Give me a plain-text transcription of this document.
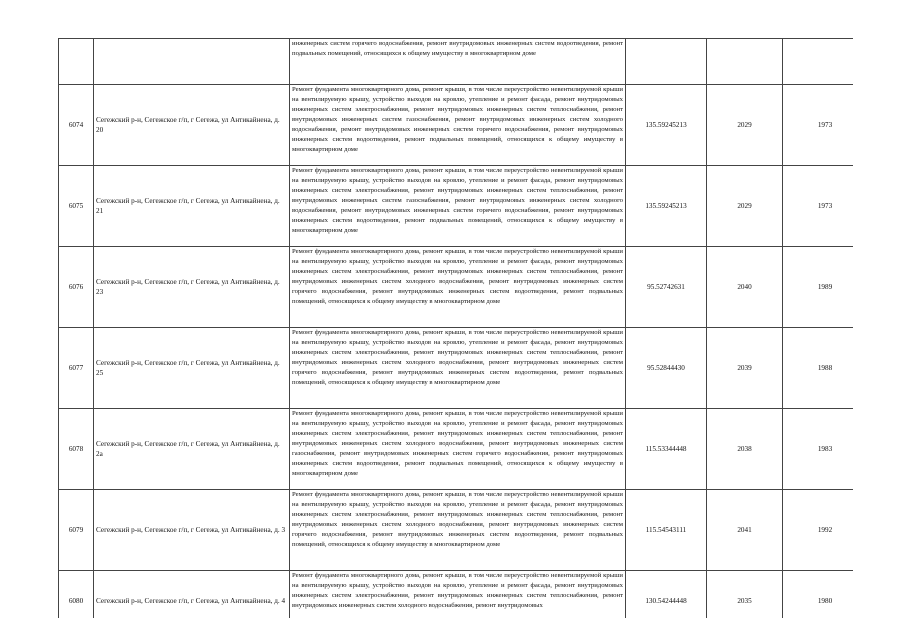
		инженерных систем горячего водоснабжения, ремонт внутридомовых инженерных систем водоотведения, ремонт подвальных помещений, относящихся к общему имуществу в многоквартирном доме			

6074	Сегежский р-н, Сегежское г/п, г Сегежа, ул Антикайнена, д. 20	Ремонт фундамента многоквартирного дома, ремонт крыши, в том числе переустройство невентилируемой крыши на вентилируемую крышу, устройство выходов на кровлю, утепление и ремонт фасада, ремонт внутридомовых инженерных систем электроснабжения, ремонт внутридомовых инженерных систем теплоснабжения, ремонт внутридомовых инженерных систем газоснабжения, ремонт внутридомовых инженерных систем холодного водоснабжения, ремонт внутридомовых инженерных систем горячего водоснабжения, ремонт внутридомовых инженерных систем водоотведения, ремонт подвальных помещений, относящихся к общему имуществу в многоквартирном доме	135.59245213	2029	1973
6075	Сегежский р-н, Сегежское г/п, г Сегежа, ул Антикайнена, д. 21	Ремонт фундамента многоквартирного дома, ремонт крыши, в том числе переустройство невентилируемой крыши на вентилируемую крышу, устройство выходов на кровлю, утепление и ремонт фасада, ремонт внутридомовых инженерных систем электроснабжения, ремонт внутридомовых инженерных систем теплоснабжения, ремонт внутридомовых инженерных систем газоснабжения, ремонт внутридомовых инженерных систем холодного водоснабжения, ремонт внутридомовых инженерных систем горячего водоснабжения, ремонт внутридомовых инженерных систем водоотведения, ремонт подвальных помещений, относящихся к общему имуществу в многоквартирном доме	135.59245213	2029	1973
6076	Сегежский р-н, Сегежское г/п, г Сегежа, ул Антикайнена, д. 23	Ремонт фундамента многоквартирного дома, ремонт крыши, в том числе переустройство невентилируемой крыши на вентилируемую крышу, устройство выходов на кровлю, утепление и ремонт фасада, ремонт внутридомовых инженерных систем электроснабжения, ремонт внутридомовых инженерных систем теплоснабжения, ремонт внутридомовых инженерных систем холодного водоснабжения, ремонт внутридомовых инженерных систем горячего водоснабжения, ремонт внутридомовых инженерных систем водоотведения, ремонт подвальных помещений, относящихся к общему имуществу в многоквартирном доме	95.52742631	2040	1989
6077	Сегежский р-н, Сегежское г/п, г Сегежа, ул Антикайнена, д. 25	Ремонт фундамента многоквартирного дома, ремонт крыши, в том числе переустройство невентилируемой крыши на вентилируемую крышу, устройство выходов на кровлю, утепление и ремонт фасада, ремонт внутридомовых инженерных систем электроснабжения, ремонт внутридомовых инженерных систем теплоснабжения, ремонт внутридомовых инженерных систем холодного водоснабжения, ремонт внутридомовых инженерных систем горячего водоснабжения, ремонт внутридомовых инженерных систем водоотведения, ремонт подвальных помещений, относящихся к общему имуществу в многоквартирном доме	95.52844430	2039	1988
6078	Сегежский р-н, Сегежское г/п, г Сегежа, ул Антикайнена, д. 2а	Ремонт фундамента многоквартирного дома, ремонт крыши, в том числе переустройство невентилируемой крыши на вентилируемую крышу, устройство выходов на кровлю, утепление и ремонт фасада, ремонт внутридомовых инженерных систем электроснабжения, ремонт внутридомовых инженерных систем теплоснабжения, ремонт внутридомовых инженерных систем холодного водоснабжения, ремонт внутридомовых инженерных систем газоснабжения, ремонт внутридомовых инженерных систем горячего водоснабжения, ремонт внутридомовых инженерных систем водоотведения, ремонт подвальных помещений, относящихся к общему имуществу в многоквартирном доме	115.53344448	2038	1983
6079	Сегежский р-н, Сегежское г/п, г Сегежа, ул Антикайнена, д. 3	Ремонт фундамента многоквартирного дома, ремонт крыши, в том числе переустройство невентилируемой крыши на вентилируемую крышу, устройство выходов на кровлю, утепление и ремонт фасада, ремонт внутридомовых инженерных систем электроснабжения, ремонт внутридомовых инженерных систем теплоснабжения, ремонт внутридомовых инженерных систем холодного водоснабжения, ремонт внутридомовых инженерных систем горячего водоснабжения, ремонт внутридомовых инженерных систем водоотведения, ремонт подвальных помещений, относящихся к общему имуществу в многоквартирном доме	115.54543111	2041	1992
6080	Сегежский р-н, Сегежское г/п, г Сегежа, ул Антикайнена, д. 4	Ремонт фундамента многоквартирного дома, ремонт крыши, в том числе переустройство невентилируемой крыши на вентилируемую крышу, устройство выходов на кровлю, утепление и ремонт фасада, ремонт внутридомовых инженерных систем электроснабжения, ремонт внутридомовых инженерных систем теплоснабжения, ремонт внутридомовых инженерных систем холодного водоснабжения, ремонт внутридомовых	130.54244448	2035	1980
